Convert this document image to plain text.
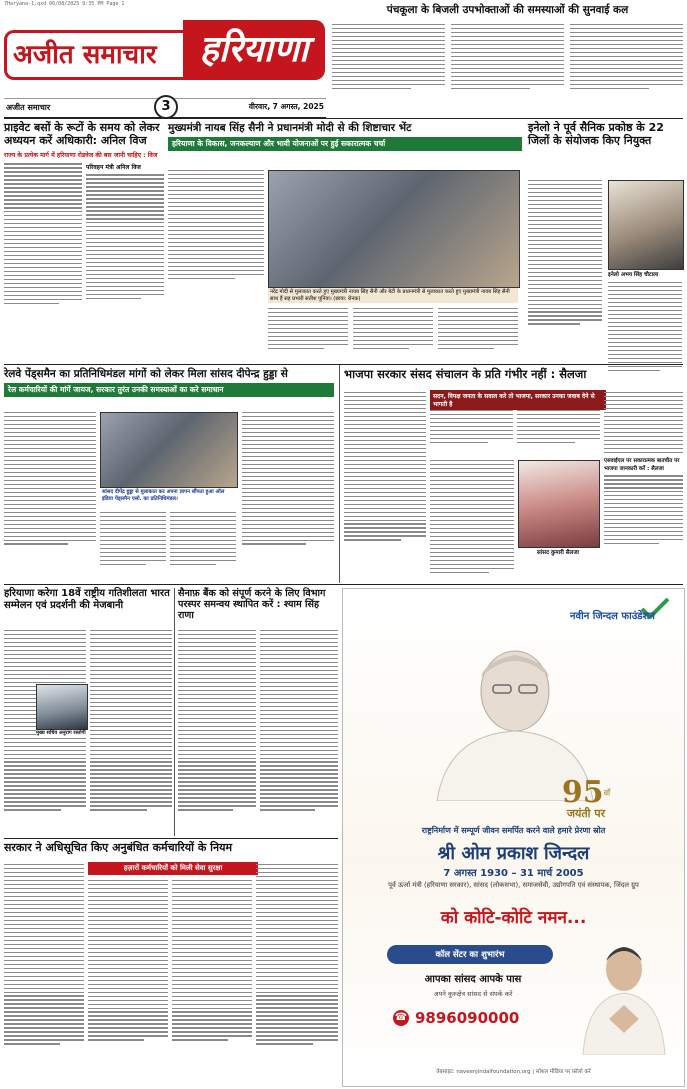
7Haryana-1.qxd 06/08/2025 9:35 PM Page 1
अजीत समाचार	हरियाणा
अजीत समाचार	3	वीरवार, 7 अगस्त, 2025
पंचकूला के बिजली उपभोक्ताओं की समस्याओं की सुनवाई कल
प्राइवेट बसों के रूटों के समय को लेकर अध्ययन करें अधिकारी: अनिल विज
राज्य के प्रत्येक मार्ग में हरियाणा रोडवेज की बस जानी चाहिए : विज
परिवहन मंत्री अनिल विज
मुख्यमंत्री नायब सिंह सैनी ने प्रधानमंत्री मोदी से की शिष्टाचार भेंट
हरियाणा के विकास, जनकल्याण और भावी योजनाओं पर हुई सकारात्मक चर्चा
नरेंद्र मोदी से मुलाकात करते हुए मुख्यमंत्री नायब सिंह सैनी और बेटी के प्रधानमंत्री से मुलाकात करते हुए मुख्यमंत्री नायब सिंह सैनी साथ हैं सह प्रभारी सतीश पूनिया। (छाया: रोनक)
इनेलो ने पूर्व सैनिक प्रकोष्ठ के 22 जिलों के संयोजक किए नियुक्त
इनेलो अभय सिंह चौटाला
रेलवे पेंड्समैन का प्रतिनिधिमंडल मांगों को लेकर मिला सांसद दीपेन्द्र हुड्डा से
रेल कर्मचारियों की मांगें जायज, सरकार तुरंत उनकी समस्याओं का करे समाधान
सांसद दीपेंद्र हुड्डा से मुलाकात कर अपना ज्ञापन सौंपता हुआ ऑल इंडिया पेंड्समैन एसो. का प्रतिनिधिमंडल।
भाजपा सरकार संसद संचालन के प्रति गंभीर नहीं : सैलजा
सदन, विपक्ष जनता के सवाल करे तो भाजपा, सरकार उनका जवाब देने से भागती है
सांसद कुमारी सैलजा
एसवाईएल पर सकारात्मक बातचीत पर भाजपा जानकारी करें : सैलजा
हरियाणा करेगा 18वें राष्ट्रीय गतिशीलता भारत सम्मेलन एवं प्रदर्शनी की मेजबानी
मुख्य सचिव अनुराग रस्तोगी
सैनाफ़ बैंक को संपूर्ण करने के लिए विभाग परस्पर समन्वय स्थापित करें : श्याम सिंह राणा
सरकार ने अधिसूचित किए अनुबंधित कर्मचारियों के नियम
हज़ारों कर्मचारियों को मिली सेवा सुरक्षा
नवीन जिन्दल फाउंडेशन
$95^{वाँ}$
जयंती पर
राष्ट्रनिर्माण में सम्पूर्ण जीवन समर्पित करने वाले हमारे प्रेरणा स्रोत
श्री ओम प्रकाश जिन्दल
7 अगस्त 1930 – 31 मार्च 2005
पूर्व ऊर्जा मंत्री (हरियाणा सरकार), सांसद (लोकसभा), समाजसेवी, उद्योगपति एवं संस्थापक, जिंदल ग्रुप
को कोटि-कोटि नमन...
कॉल सेंटर का शुभारंभ
आपका सांसद आपके पास
अपने कुरुक्षेत्र सांसद से संपर्क करें
☎ 9896090000
वेबसाइट: naveenjindalfoundation.org | सोशल मीडिया पर फ़ॉलो करें
